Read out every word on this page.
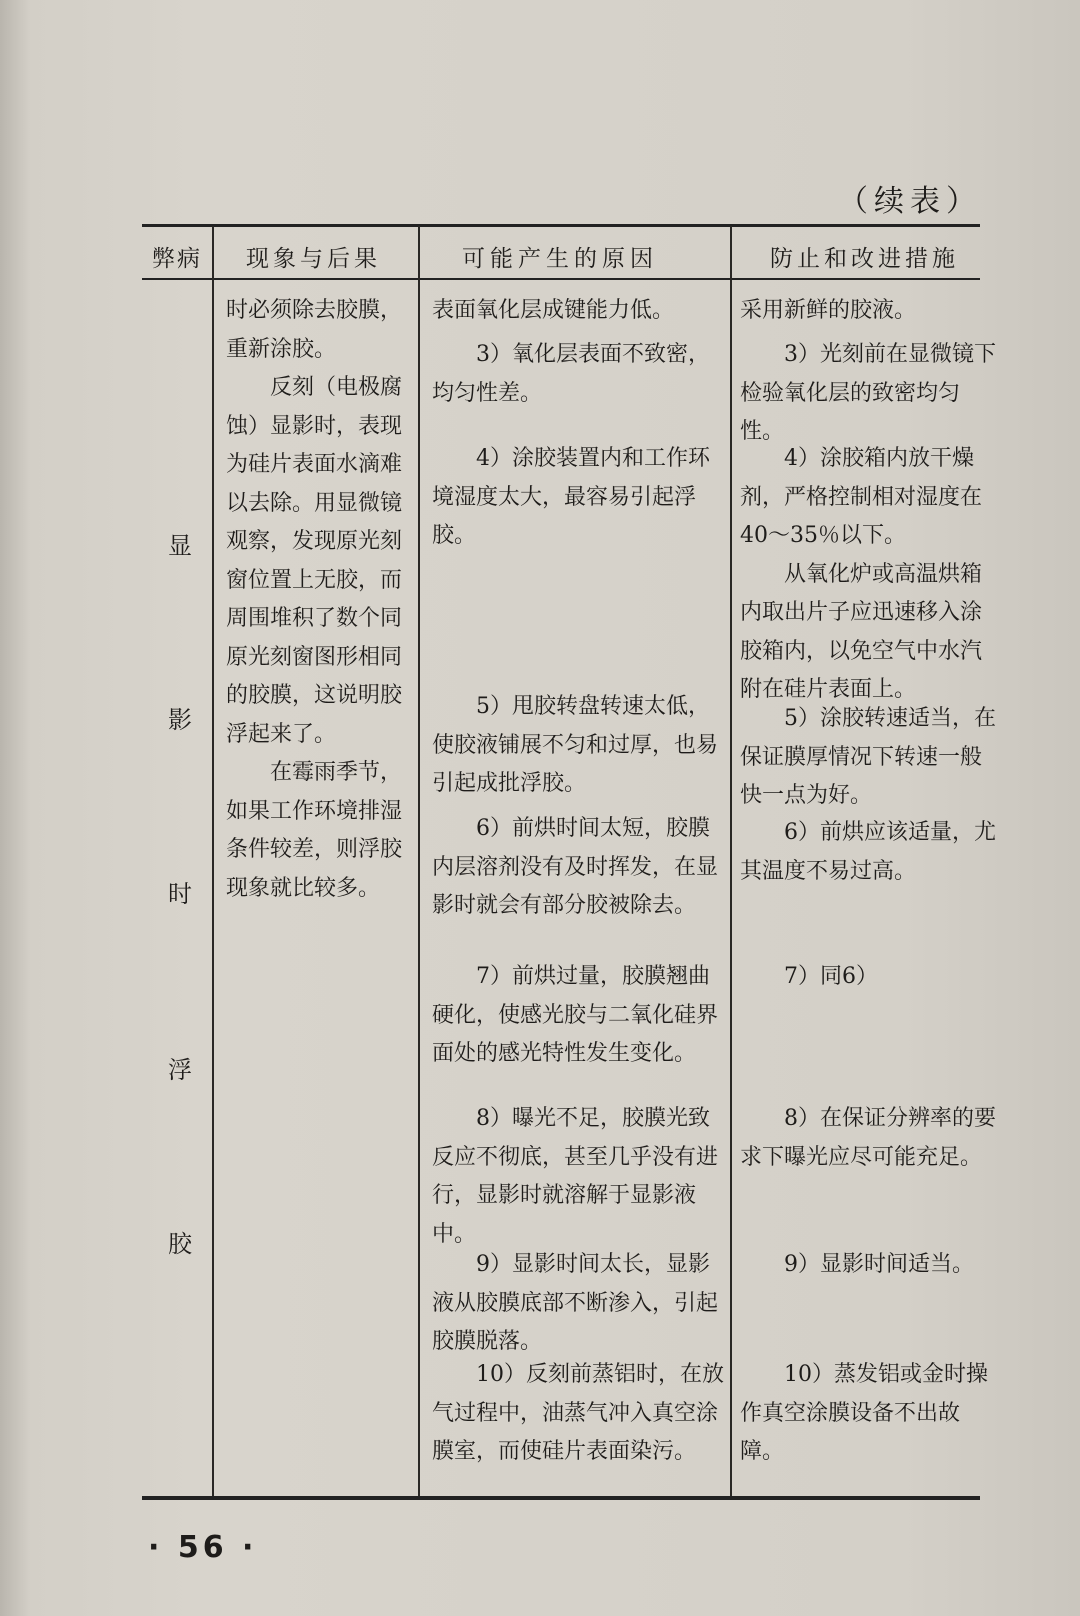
（续表）
弊病 现象与后果	可能产生的原因	防止和改进措施
显
影
时
浮
胶

时必须除去胶膜，重新涂胶。

反刻（电极腐蚀）显影时，表现为硅片表面水滴难以去除。用显微镜观察，发现原光刻窗位置上无胶，而周围堆积了数个同原光刻窗图形相同的胶膜，这说明胶浮起来了。

在霉雨季节，如果工作环境排湿条件较差，则浮胶现象就比较多。

表面氧化层成键能力低。

3）氧化层表面不致密，均匀性差。

4）涂胶装置内和工作环境湿度太大，最容易引起浮胶。

5）甩胶转盘转速太低，使胶液铺展不匀和过厚，也易引起成批浮胶。

6）前烘时间太短，胶膜内层溶剂没有及时挥发，在显影时就会有部分胶被除去。

7）前烘过量，胶膜翘曲硬化，使感光胶与二氧化硅界面处的感光特性发生变化。

8）曝光不足，胶膜光致反应不彻底，甚至几乎没有进行，显影时就溶解于显影液中。

9）显影时间太长，显影液从胶膜底部不断渗入，引起胶膜脱落。

10）反刻前蒸铝时，在放气过程中，油蒸气冲入真空涂膜室，而使硅片表面染污。

采用新鲜的胶液。

3）光刻前在显微镜下检验氧化层的致密均匀性。

4）涂胶箱内放干燥剂，严格控制相对湿度在40～35％以下。

从氧化炉或高温烘箱内取出片子应迅速移入涂胶箱内，以免空气中水汽附在硅片表面上。

5）涂胶转速适当，在保证膜厚情况下转速一般快一点为好。

6）前烘应该适量，尤其温度不易过高。

7）同6）

8）在保证分辨率的要求下曝光应尽可能充足。

9）显影时间适当。

10）蒸发铝或金时操作真空涂膜设备不出故障。

· 56 ·
